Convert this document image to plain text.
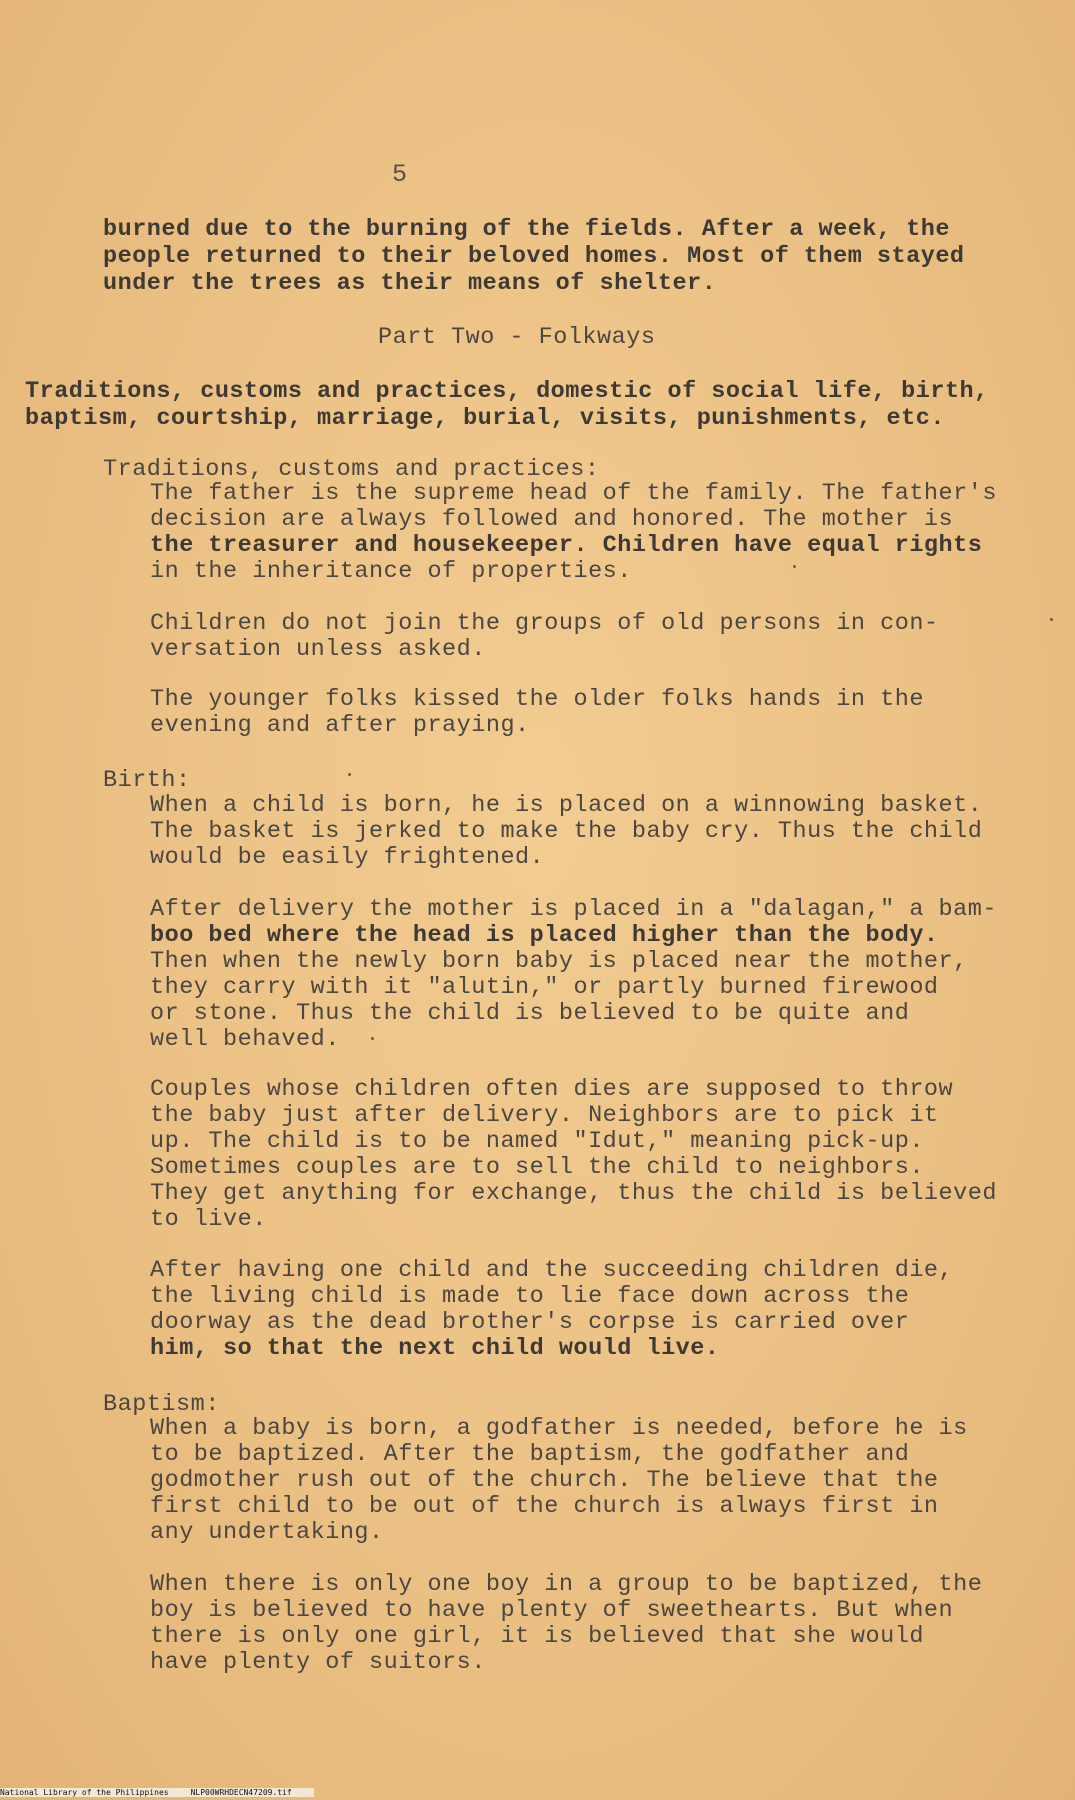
5
burned due to the burning of the fields. After a week, the
people returned to their beloved homes. Most of them stayed
under the trees as their means of shelter.
Part Two - Folkways
Traditions, customs and practices, domestic of social life, birth,
baptism, courtship, marriage, burial, visits, punishments, etc.
Traditions, customs and practices:
The father is the supreme head of the family. The father's
decision are always followed and honored. The mother is
the treasurer and housekeeper. Children have equal rights
in the inheritance of properties.
Children do not join the groups of old persons in con-
versation unless asked.
The younger folks kissed the older folks hands in the
evening and after praying.
Birth:
When a child is born, he is placed on a winnowing basket.
The basket is jerked to make the baby cry. Thus the child
would be easily frightened.
After delivery the mother is placed in a "dalagan," a bam-
boo bed where the head is placed higher than the body.
Then when the newly born baby is placed near the mother,
they carry with it "alutin," or partly burned firewood
or stone. Thus the child is believed to be quite and
well behaved.
Couples whose children often dies are supposed to throw
the baby just after delivery. Neighbors are to pick it
up. The child is to be named "Idut," meaning pick-up.
Sometimes couples are to sell the child to neighbors.
They get anything for exchange, thus the child is believed
to live.
After having one child and the succeeding children die,
the living child is made to lie face down across the
doorway as the dead brother's corpse is carried over
him, so that the next child would live.
Baptism:
When a baby is born, a godfather is needed, before he is
to be baptized. After the baptism, the godfather and
godmother rush out of the church. The believe that the
first child to be out of the church is always first in
any undertaking.
When there is only one boy in a group to be baptized, the
boy is believed to have plenty of sweethearts. But when
there is only one girl, it is believed that she would
have plenty of suitors.
National Library of the Philippines	NLP00WRHDECN47209.tif
